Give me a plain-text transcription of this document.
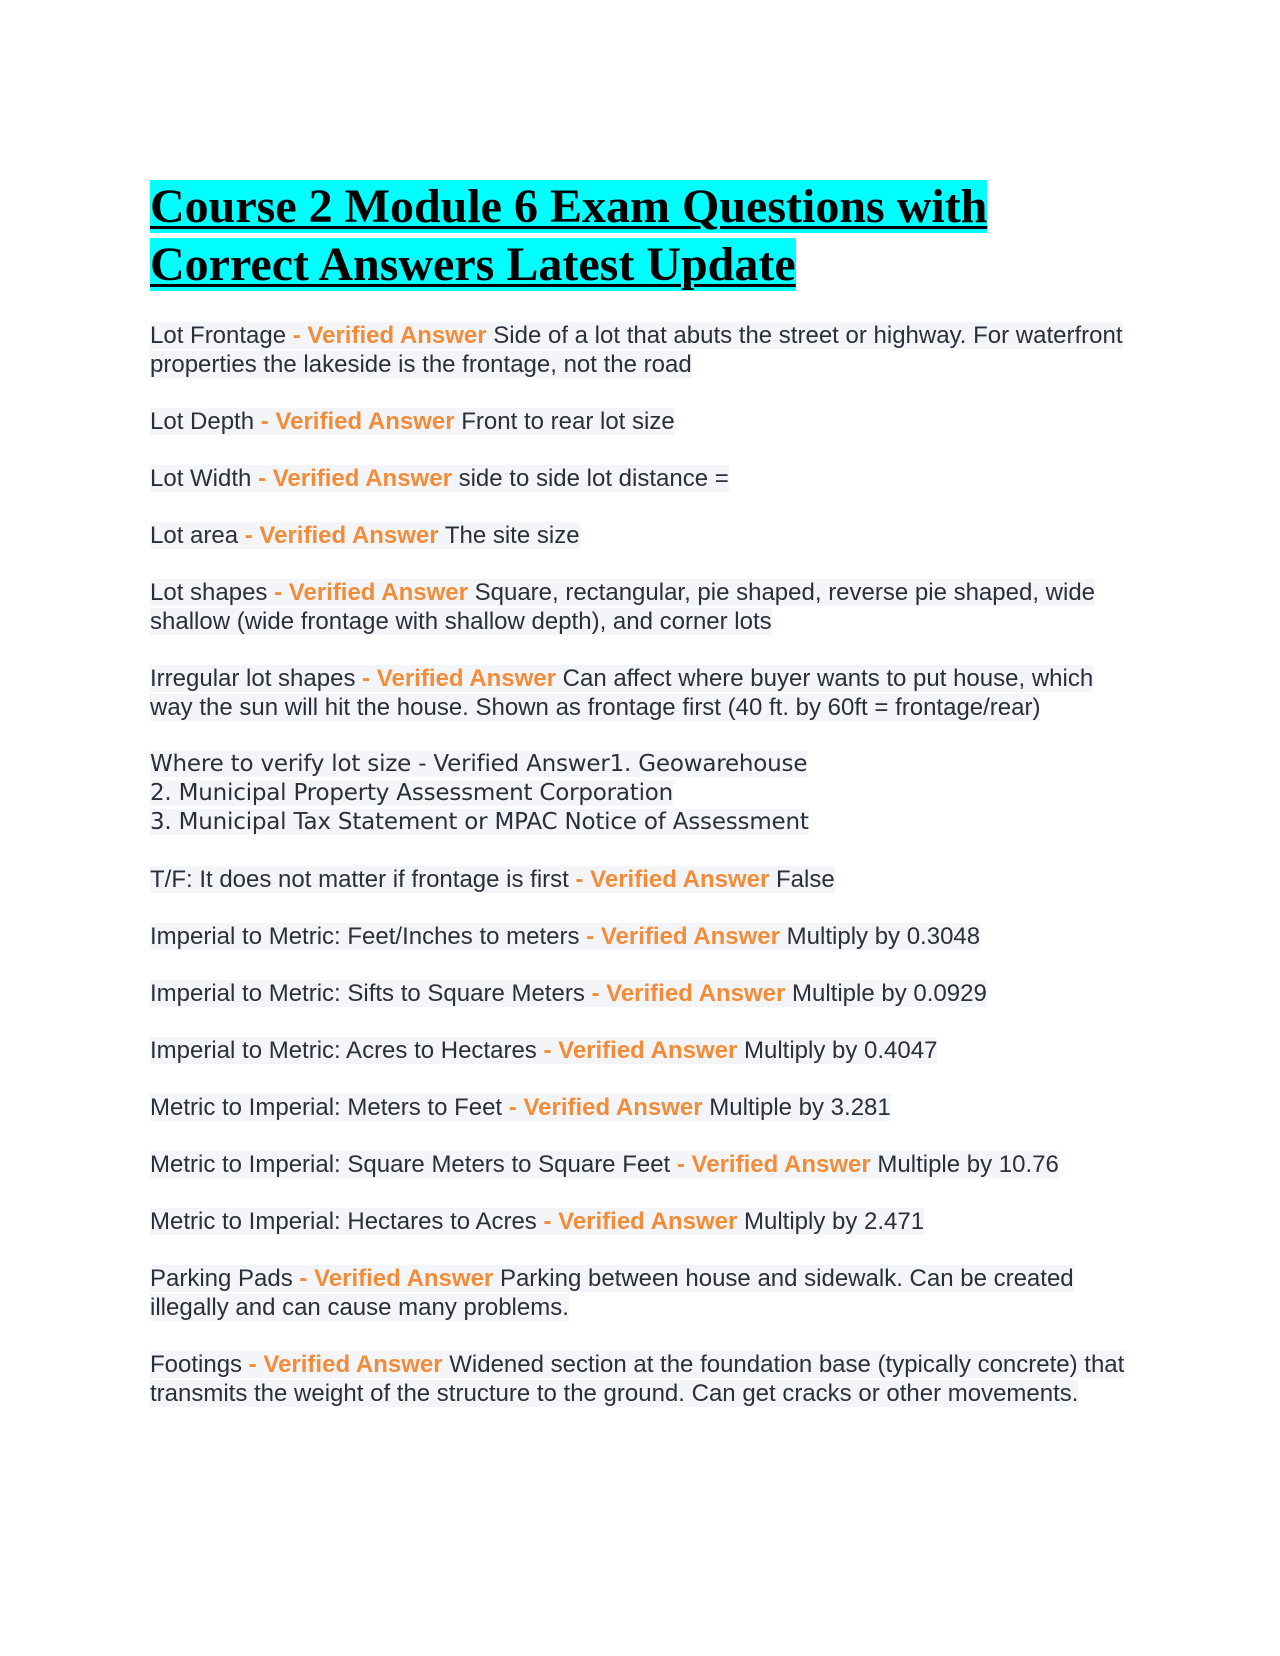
Course 2 Module 6 Exam Questions with
Correct Answers Latest Update

Lot Frontage - Verified Answer Side of a lot that abuts the street or highway. For waterfront properties the lakeside is the frontage, not the road

Lot Depth - Verified Answer Front to rear lot size

Lot Width - Verified Answer side to side lot distance =

Lot area - Verified Answer The site size

Lot shapes - Verified Answer Square, rectangular, pie shaped, reverse pie shaped, wide shallow (wide frontage with shallow depth), and corner lots

Irregular lot shapes - Verified Answer Can affect where buyer wants to put house, which way the sun will hit the house. Shown as frontage first (40 ft. by 60ft = frontage/rear)

Where to verify lot size - Verified Answer1. Geowarehouse
2. Municipal Property Assessment Corporation
3. Municipal Tax Statement or MPAC Notice of Assessment

T/F: It does not matter if frontage is first - Verified Answer False

Imperial to Metric: Feet/Inches to meters - Verified Answer Multiply by 0.3048

Imperial to Metric: Sifts to Square Meters - Verified Answer Multiple by 0.0929

Imperial to Metric: Acres to Hectares - Verified Answer Multiply by 0.4047

Metric to Imperial: Meters to Feet - Verified Answer Multiple by 3.281

Metric to Imperial: Square Meters to Square Feet - Verified Answer Multiple by 10.76

Metric to Imperial: Hectares to Acres - Verified Answer Multiply by 2.471

Parking Pads - Verified Answer Parking between house and sidewalk. Can be created illegally and can cause many problems.

Footings - Verified Answer Widened section at the foundation base (typically concrete) that transmits the weight of the structure to the ground. Can get cracks or other movements.
